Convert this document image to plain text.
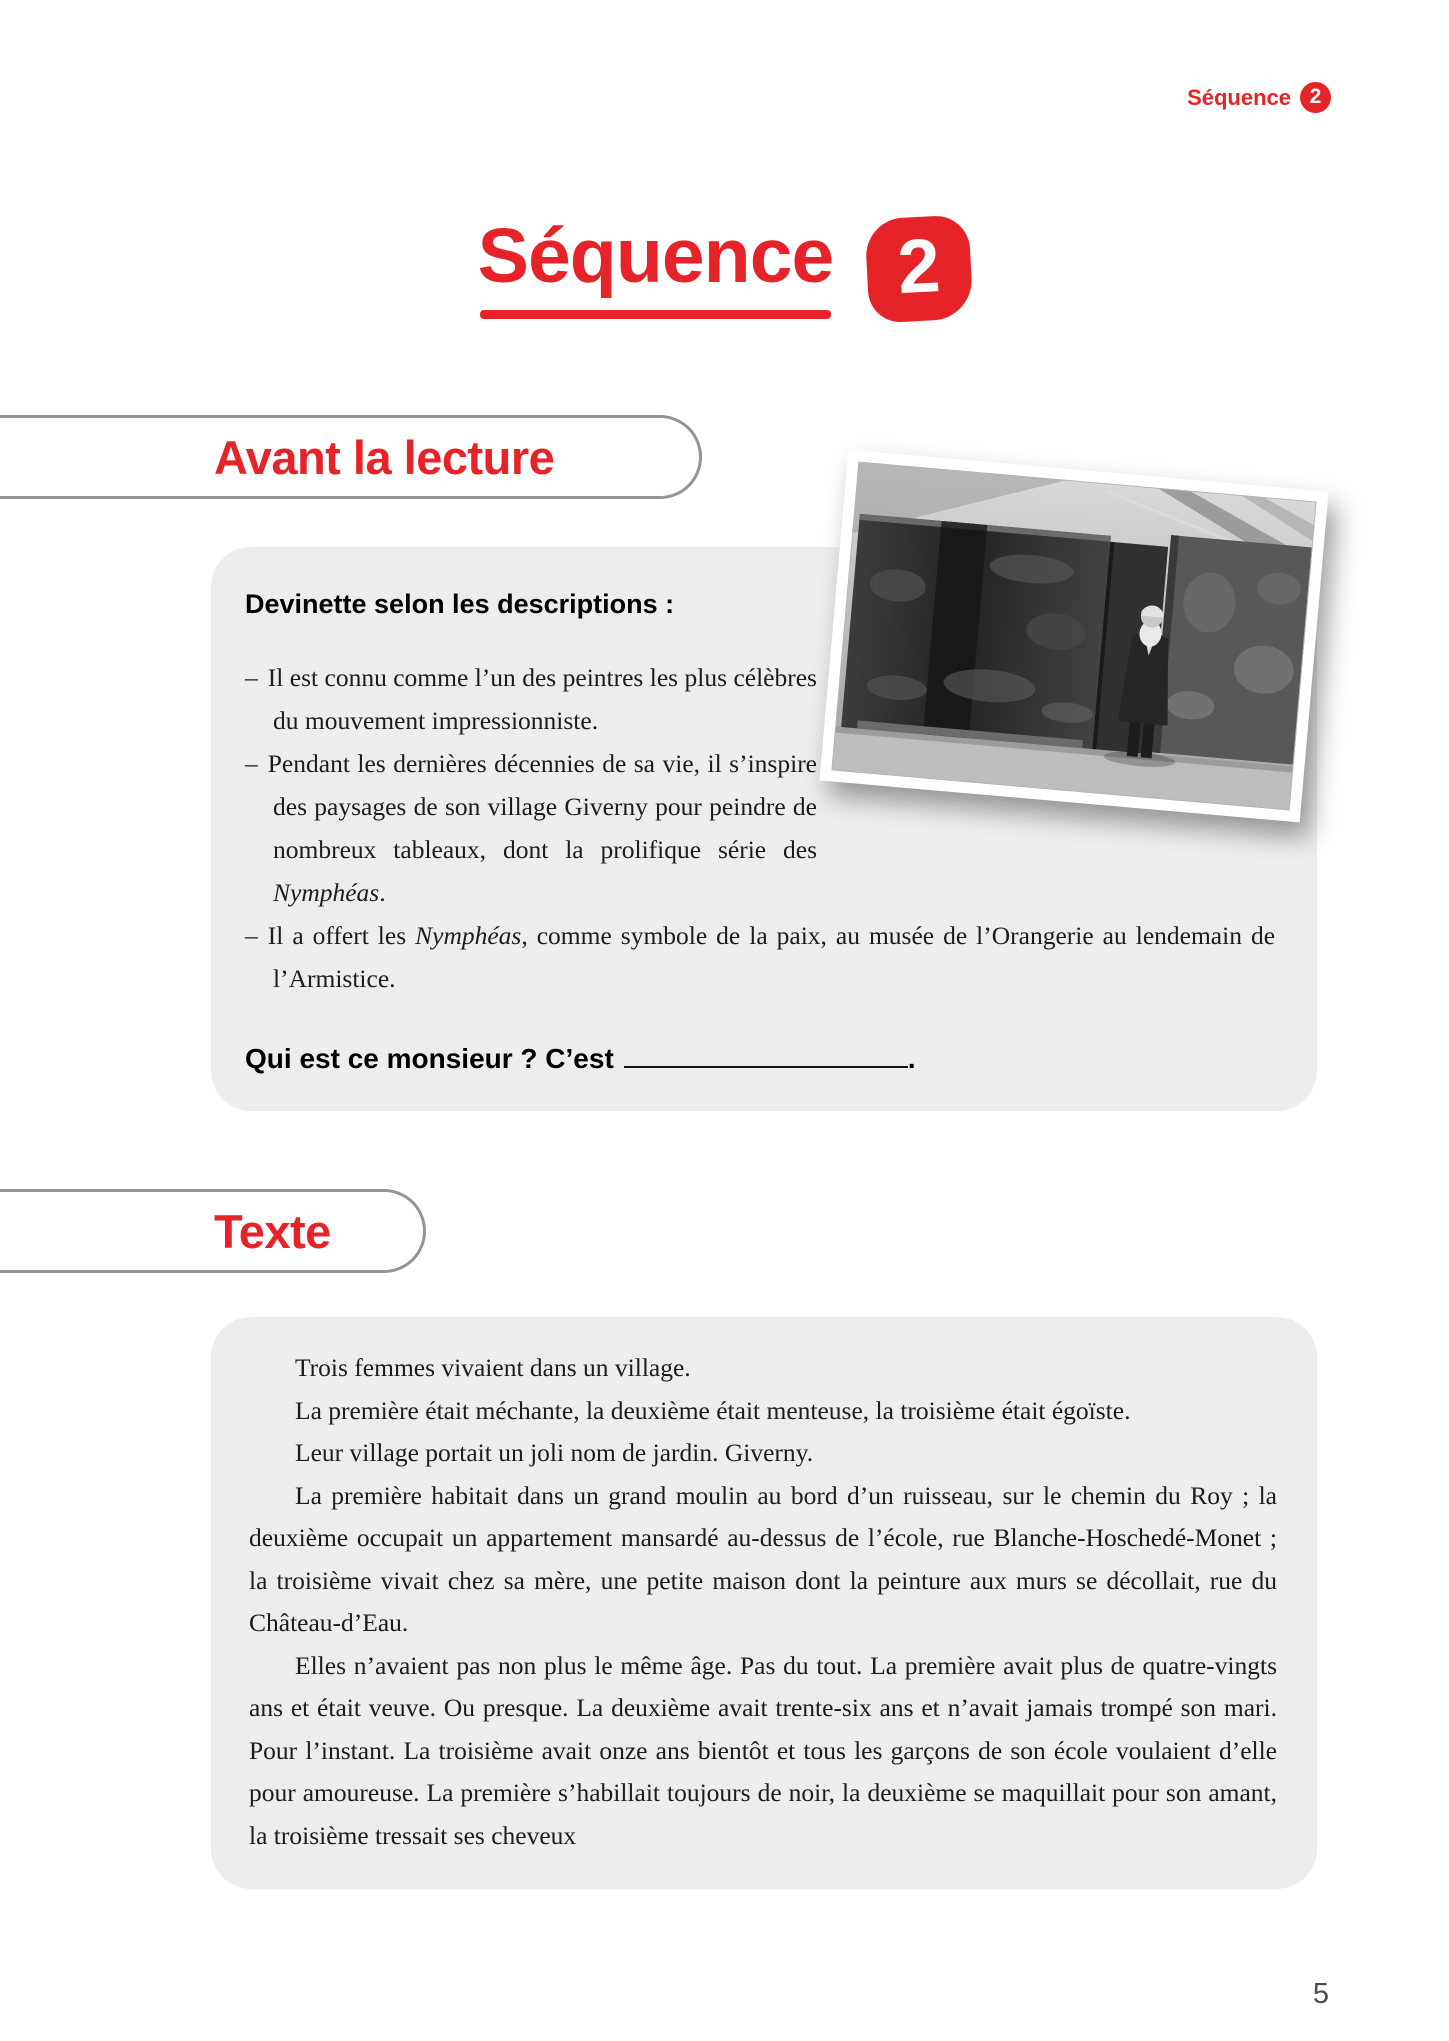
Séquence 2
Séquence 2
Avant la lecture
Devinette selon les descriptions :
– Il est connu comme l’un des peintres les plus célèbres du mouvement impressionniste.
– Pendant les dernières décennies de sa vie, il s’inspire des paysages de son village Giverny pour peindre de nombreux tableaux, dont la prolifique série des Nymphéas.
– Il a offert les Nymphéas, comme symbole de la paix, au musée de l’Orangerie au lendemain de l’Armistice.

Qui est ce monsieur ? C’est	.

Texte

Trois femmes vivaient dans un village.

La première était méchante, la deuxième était menteuse, la troisième était égoïste.

Leur village portait un joli nom de jardin. Giverny.

La première habitait dans un grand moulin au bord d’un ruisseau, sur le chemin du Roy ; la deuxième occupait un appartement mansardé au-dessus de l’école, rue Blanche-Hoschedé-Monet ; la troisième vivait chez sa mère, une petite maison dont la peinture aux murs se décollait, rue du Château-d’Eau.

Elles n’avaient pas non plus le même âge. Pas du tout. La première avait plus de quatre-vingts ans et était veuve. Ou presque. La deuxième avait trente-six ans et n’avait jamais trompé son mari. Pour l’instant. La troisième avait onze ans bientôt et tous les garçons de son école voulaient d’elle pour amoureuse. La première s’habillait toujours de noir, la deuxième se maquillait pour son amant, la troisième tressait ses cheveux

5
